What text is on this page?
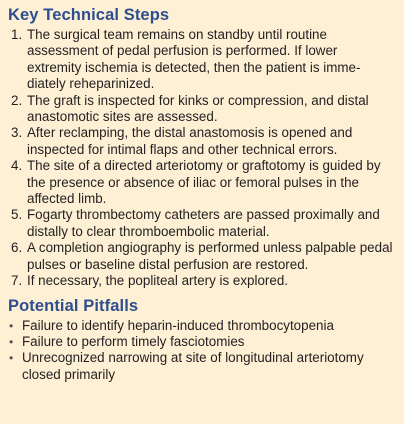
Key Technical Steps
1. The surgical team remains on standby until routine assessment of pedal perfusion is performed. If lower extremity ischemia is detected, then the patient is imme-diately reheparinized.
2. The graft is inspected for kinks or compression, and distal anastomotic sites are assessed.
3. After reclamping, the distal anastomosis is opened and inspected for intimal flaps and other technical errors.
4. The site of a directed arteriotomy or graftotomy is guided by the presence or absence of iliac or femoral pulses in the affected limb.
5. Fogarty thrombectomy catheters are passed proximally and distally to clear thromboembolic material.
6. A completion angiography is performed unless palpable pedal pulses or baseline distal perfusion are restored.
7. If necessary, the popliteal artery is explored.
Potential Pitfalls
• Failure to identify heparin-induced thrombocytopenia
• Failure to perform timely fasciotomies
• Unrecognized narrowing at site of longitudinal arteriotomy closed primarily
